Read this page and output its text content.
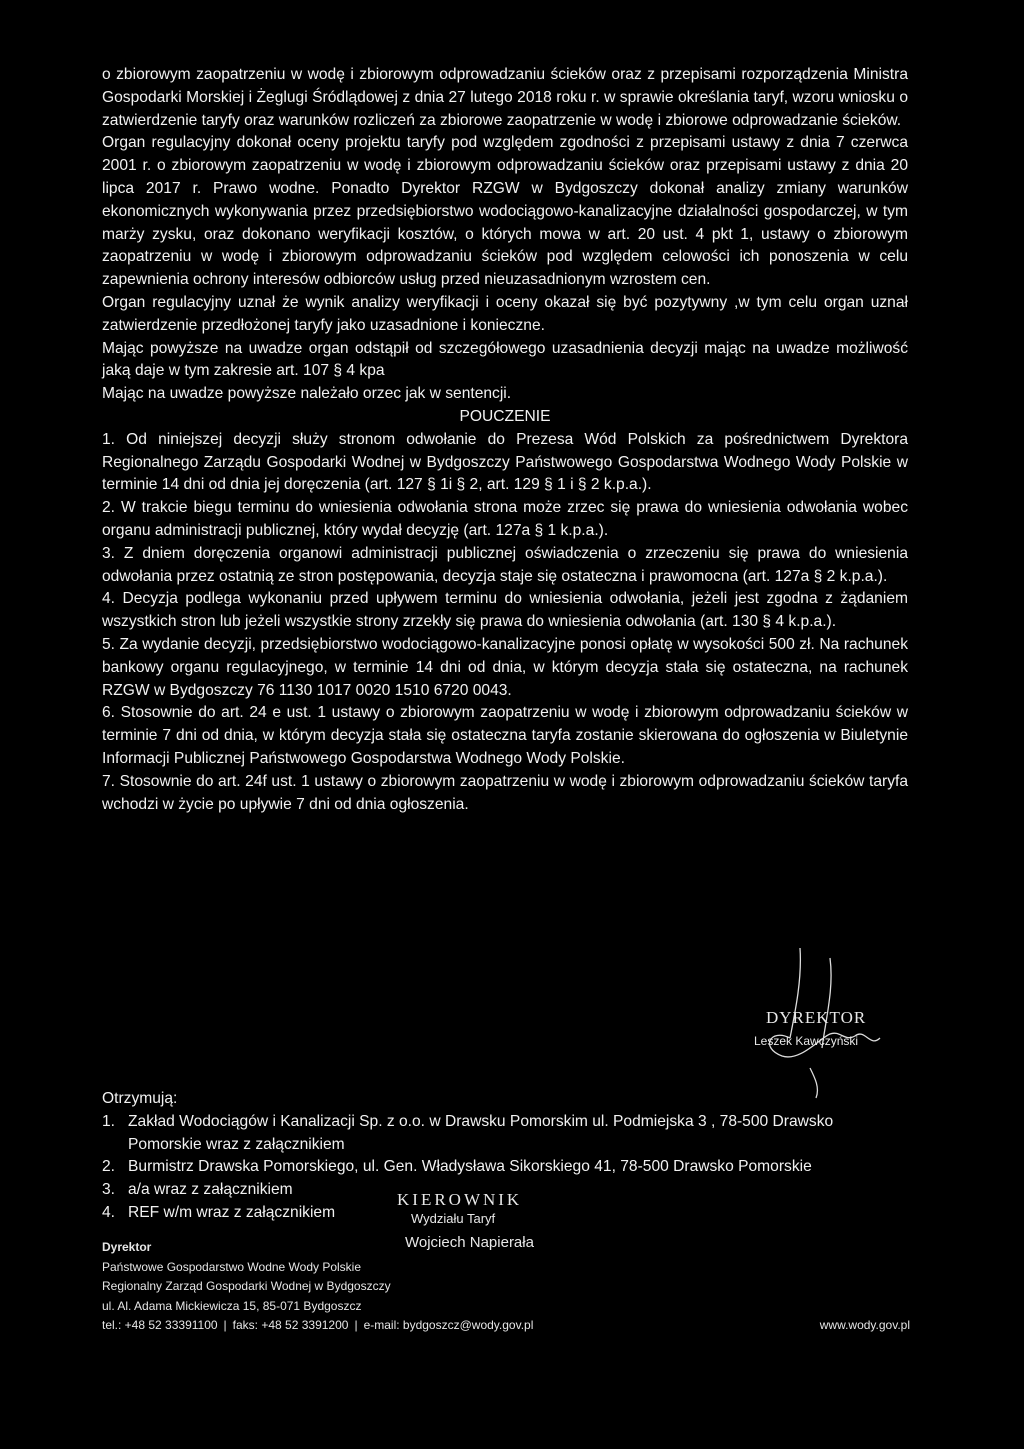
o zbiorowym zaopatrzeniu w wodę i zbiorowym odprowadzaniu ścieków oraz z przepisami rozporządzenia Ministra Gospodarki Morskiej i Żeglugi Śródlądowej z dnia 27 lutego 2018 roku r. w sprawie określania taryf, wzoru wniosku o zatwierdzenie taryfy oraz warunków rozliczeń za zbiorowe zaopatrzenie w wodę i zbiorowe odprowadzanie ścieków.

Organ regulacyjny dokonał oceny projektu taryfy pod względem zgodności z przepisami ustawy z dnia 7 czerwca 2001 r. o zbiorowym zaopatrzeniu w wodę i zbiorowym odprowadzaniu ścieków oraz przepisami ustawy z dnia 20 lipca 2017 r. Prawo wodne. Ponadto Dyrektor RZGW w Bydgoszczy dokonał analizy zmiany warunków ekonomicznych wykonywania przez przedsiębiorstwo wodociągowo-kanalizacyjne działalności gospodarczej, w tym marży zysku, oraz dokonano weryfikacji kosztów, o których mowa w art. 20 ust. 4 pkt 1, ustawy o zbiorowym zaopatrzeniu w wodę i zbiorowym odprowadzaniu ścieków pod względem celowości ich ponoszenia w celu zapewnienia ochrony interesów odbiorców usług przed nieuzasadnionym wzrostem cen.

Organ regulacyjny uznał że wynik analizy weryfikacji i oceny okazał się być pozytywny ,w tym celu organ uznał zatwierdzenie przedłożonej taryfy jako uzasadnione i konieczne.

Mając powyższe na uwadze organ odstąpił od szczegółowego uzasadnienia decyzji mając na uwadze możliwość jaką daje w tym zakresie art. 107 § 4 kpa

Mając na uwadze powyższe należało orzec jak w sentencji.

POUCZENIE

1. Od niniejszej decyzji służy stronom odwołanie do Prezesa Wód Polskich za pośrednictwem Dyrektora Regionalnego Zarządu Gospodarki Wodnej w Bydgoszczy Państwowego Gospodarstwa Wodnego Wody Polskie w terminie 14 dni od dnia jej doręczenia (art. 127 § 1i § 2, art. 129 § 1 i § 2 k.p.a.).

2. W trakcie biegu terminu do wniesienia odwołania strona może zrzec się prawa do wniesienia odwołania wobec organu administracji publicznej, który wydał decyzję (art. 127a § 1 k.p.a.).

3. Z dniem doręczenia organowi administracji publicznej oświadczenia o zrzeczeniu się prawa do wniesienia odwołania przez ostatnią ze stron postępowania, decyzja staje się ostateczna i prawomocna (art. 127a § 2 k.p.a.).

4. Decyzja podlega wykonaniu przed upływem terminu do wniesienia odwołania, jeżeli jest zgodna z żądaniem wszystkich stron lub jeżeli wszystkie strony zrzekły się prawa do wniesienia odwołania (art. 130 § 4 k.p.a.).

5. Za wydanie decyzji, przedsiębiorstwo wodociągowo-kanalizacyjne ponosi opłatę w wysokości 500 zł. Na rachunek bankowy organu regulacyjnego, w terminie 14 dni od dnia, w którym decyzja stała się ostateczna, na rachunek RZGW w Bydgoszczy 76 1130 1017 0020 1510 6720 0043.

6. Stosownie do art. 24 e ust. 1 ustawy o zbiorowym zaopatrzeniu w wodę i zbiorowym odprowadzaniu ścieków w terminie 7 dni od dnia, w którym decyzja stała się ostateczna taryfa zostanie skierowana do ogłoszenia w Biuletynie Informacji Publicznej Państwowego Gospodarstwa Wodnego Wody Polskie.

7. Stosownie do art. 24f ust. 1 ustawy o zbiorowym zaopatrzeniu w wodę i zbiorowym odprowadzaniu ścieków taryfa wchodzi w życie po upływie 7 dni od dnia ogłoszenia.

DYREKTOR
Leszek Kawczyński

Otrzymują:

1. Zakład Wodociągów i Kanalizacji Sp. z o.o. w Drawsku Pomorskim ul. Podmiejska 3 , 78-500 Drawsko

Pomorskie wraz z załącznikiem

2. Burmistrz Drawska Pomorskiego, ul. Gen. Władysława Sikorskiego 41, 78-500 Drawsko Pomorskie

3. a/a wraz z załącznikiem

4. REF w/m wraz z załącznikiem

KIEROWNIK
Wydziału Taryf
Wojciech Napierała
Dyrektor
Państwowe Gospodarstwo Wodne Wody Polskie
Regionalny Zarząd Gospodarki Wodnej w Bydgoszczy
ul. Al. Adama Mickiewicza 15, 85-071 Bydgoszcz
tel.: +48 52 33391100 | faks: +48 52 3391200 | e-mail: bydgoszcz@wody.gov.pl	www.wody.gov.pl
